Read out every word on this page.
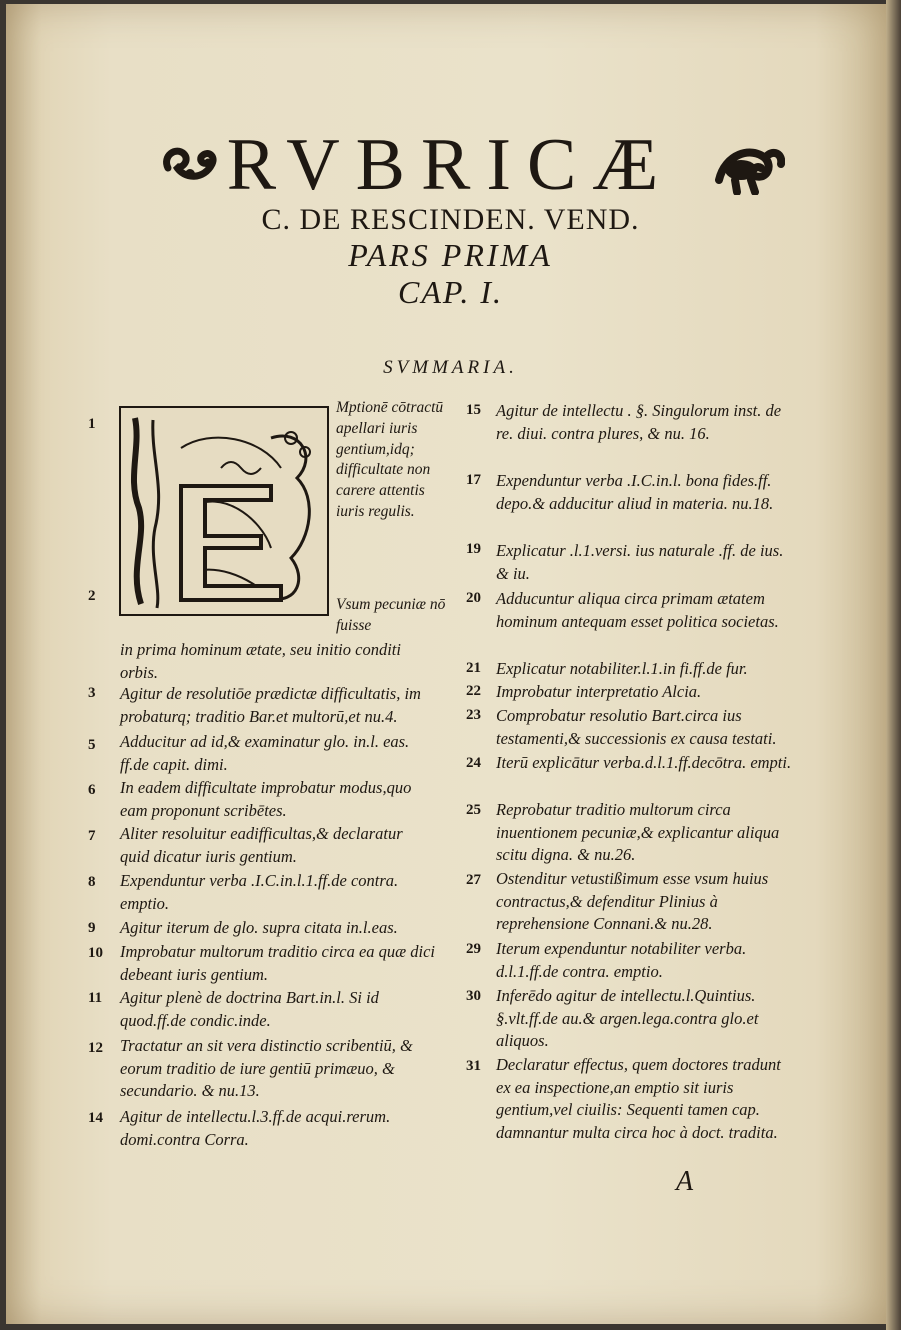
RVBRICÆ
C. DE RESCINDEN. VEND.
PARS PRIMA
CAP. I.
SVMMARIA.
Mptionē cōtractū apellari iuris gentium,idq; difficultate non carere attentis iuris regulis.
Vsum pecuniæ nō fuisse
in prima hominum ætate, seu initio conditi orbis.
1
2
3
5
6
7
8
9
10
11
12
14
Agitur de resolutiōe prædictæ difficultatis, im probaturq; traditio Bar.et multorū,et nu.4.
Adducitur ad id,& examinatur glo. in.l. eas. ff.de capit. dimi.
In eadem difficultate improbatur modus,quo eam proponunt scribētes.
Aliter resoluitur eadifficultas,& declaratur quid dicatur iuris gentium.
Expenduntur verba .I.C.in.l.1.ff.de contra. emptio.
Agitur iterum de glo. supra citata in.l.eas.
Improbatur multorum traditio circa ea quæ dici debeant iuris gentium.
Agitur plenè de doctrina Bart.in.l. Si id quod.ff.de condic.inde.
Tractatur an sit vera distinctio scribentiū, & eorum traditio de iure gentiū primæuo, & secundario. & nu.13.
Agitur de intellectu.l.3.ff.de acqui.rerum. domi.contra Corra.
15
17
19
20
21
22
23
24
25
27
29
30
31
Agitur de intellectu . §. Singulorum inst. de re. diui. contra plures, & nu. 16.
Expenduntur verba .I.C.in.l. bona fides.ff. depo.& adducitur aliud in materia. nu.18.
Explicatur .l.1.versi. ius naturale .ff. de ius. & iu.
Adducuntur aliqua circa primam ætatem hominum antequam esset politica societas.
Explicatur notabiliter.l.1.in fi.ff.de fur.
Improbatur interpretatio Alcia.
Comprobatur resolutio Bart.circa ius testamenti,& successionis ex causa testati.
Iterū explicātur verba.d.l.1.ff.decōtra. empti.
Reprobatur traditio multorum circa inuentionem pecuniæ,& explicantur aliqua scitu digna. & nu.26.
Ostenditur vetustißimum esse vsum huius contractus,& defenditur Plinius à reprehensione Connani.& nu.28.
Iterum expenduntur notabiliter verba. d.l.1.ff.de contra. emptio.
Inferēdo agitur de intellectu.l.Quintius. §.vlt.ff.de au.& argen.lega.contra glo.et aliquos.
Declaratur effectus, quem doctores tradunt ex ea inspectione,an emptio sit iuris gentium,vel ciuilis: Sequenti tamen cap. damnantur multa circa hoc à doct. tradita.
A
